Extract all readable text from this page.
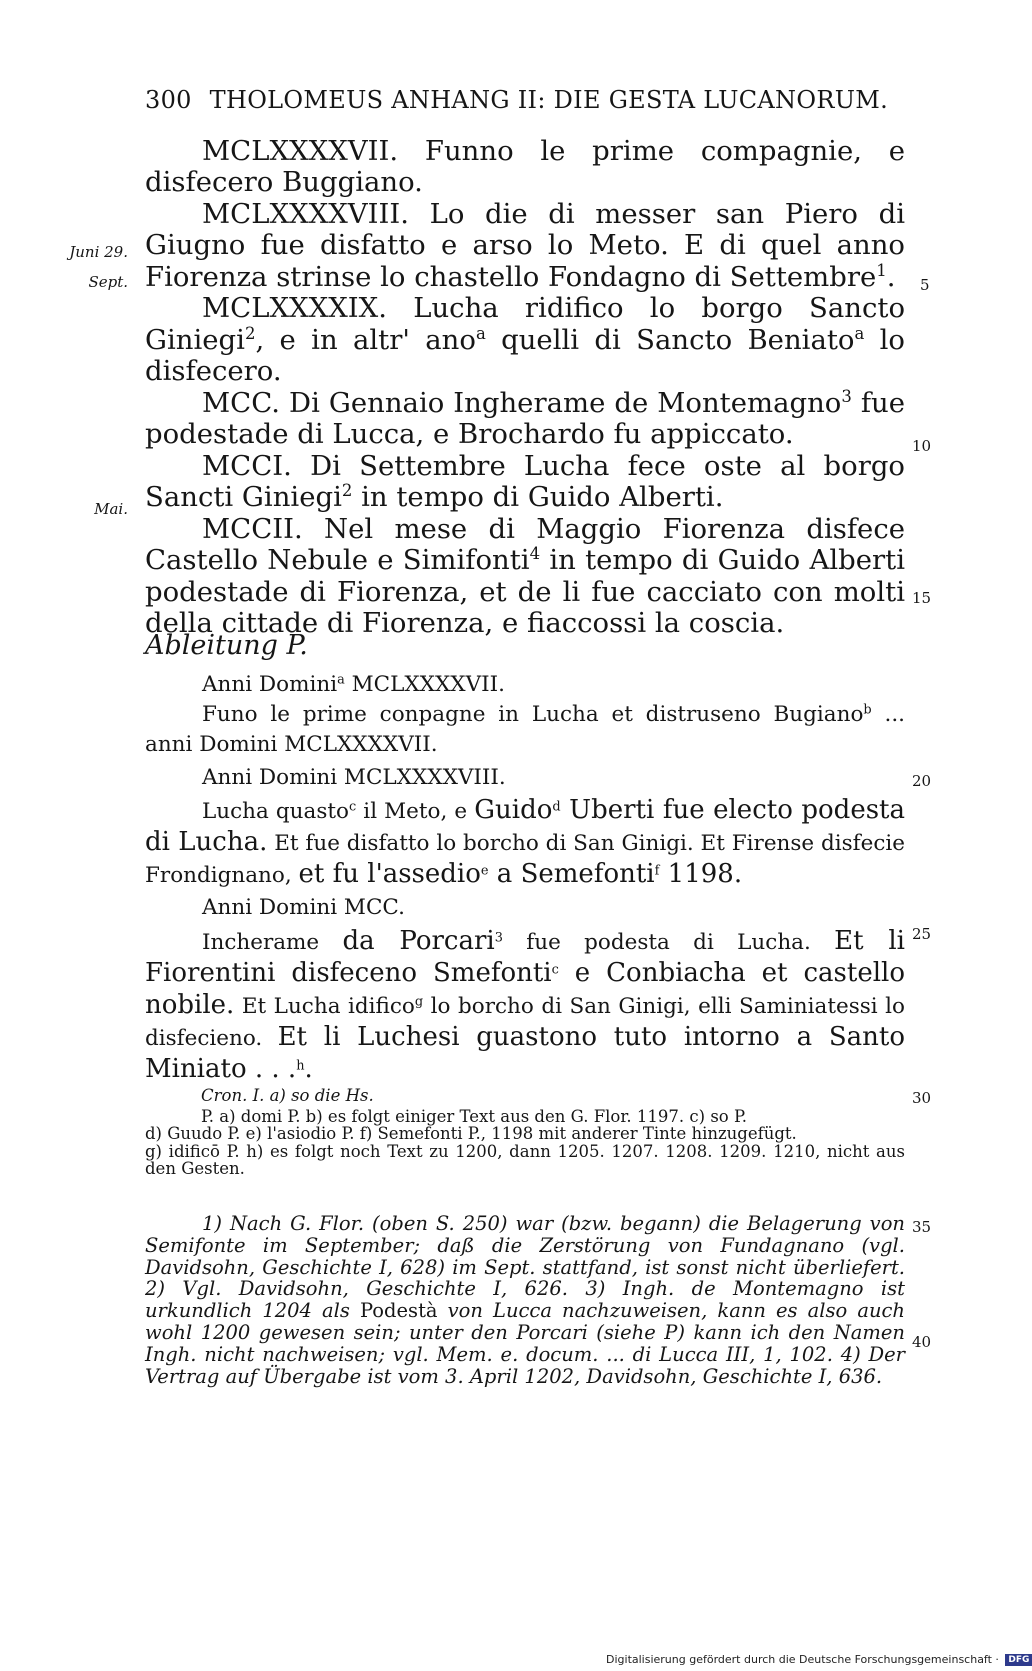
300 THOLOMEUS ANHANG II: DIE GESTA LUCANORUM.
Juni 29.
Sept.
Mai.
5
10
15
20
25
30
35
40

MCLXXXXVII. Funno le prime compagnie, e disfecero Buggiano.

MCLXXXXVIII. Lo die di messer san Piero di Giugno fue disfatto e arso lo Meto. E di quel anno Fiorenza strinse lo chastello Fondagno di Settembre$^1$.

MCLXXXXIX. Lucha ridifico lo borgo Sancto Giniegi$^2$, e in altr' ano$^a$ quelli di Sancto Beniato$^a$ lo disfecero.

MCC. Di Gennaio Ingherame de Montemagno$^3$ fue podestade di Lucca, e Brochardo fu appiccato.

MCCI. Di Settembre Lucha fece oste al borgo Sancti Giniegi$^2$ in tempo di Guido Alberti.

MCCII. Nel mese di Maggio Fiorenza disfece Castello Nebule e Simifonti$^4$ in tempo di Guido Alberti podestade di Fiorenza, et de li fue cacciato con molti della cittade di Fiorenza, e fiaccossi la coscia.

Ableitung P.

Anni Domini$^a$ MCLXXXXVII.

Funo le prime conpagne in Lucha et distruseno Bugiano$^b$ ... anni Domini MCLXXXXVII.

Anni Domini MCLXXXXVIII.

Lucha quasto$^c$ il Meto, e Guido$^d$ Uberti fue electo podesta di Lucha. Et fue disfatto lo borcho di San Ginigi. Et Firense disfecie Frondignano, et fu l'assedio$^e$ a Semefonti$^f$ 1198.

Anni Domini MCC.

Incherame da Porcari$^3$ fue podesta di Lucha. Et li Fiorentini disfeceno Smefonti$^c$ e Conbiacha et castello nobile. Et Lucha idifico$^g$ lo borcho di San Ginigi, elli Saminiatessi lo disfecieno. Et li Luchesi guastono tuto intorno a Santo Miniato . . .$^h$.

Cron. I. a) so die Hs.

P. a) domi P. b) es folgt einiger Text aus den G. Flor. 1197. c) so P.

d) Guudo P. e) l'asiodio P. f) Semefonti P., 1198 mit anderer Tinte hinzugefügt.

g) idificō P. h) es folgt noch Text zu 1200, dann 1205. 1207. 1208. 1209. 1210, nicht aus den Gesten.

1) Nach G. Flor. (oben S. 250) war (bzw. begann) die Belagerung von Semifonte im September; daß die Zerstörung von Fundagnano (vgl. Davidsohn, Geschichte I, 628) im Sept. stattfand, ist sonst nicht überliefert. 2) Vgl. Davidsohn, Geschichte I, 626. 3) Ingh. de Montemagno ist urkundlich 1204 als Podestà von Lucca nachzuweisen, kann es also auch wohl 1200 gewesen sein; unter den Porcari (siehe P) kann ich den Namen Ingh. nicht nachweisen; vgl. Mem. e. docum. ... di Lucca III, 1, 102. 4) Der Vertrag auf Übergabe ist vom 3. April 1202, Davidsohn, Geschichte I, 636.

Digitalisierung gefördert durch die Deutsche Forschungsgemeinschaft · DFG
